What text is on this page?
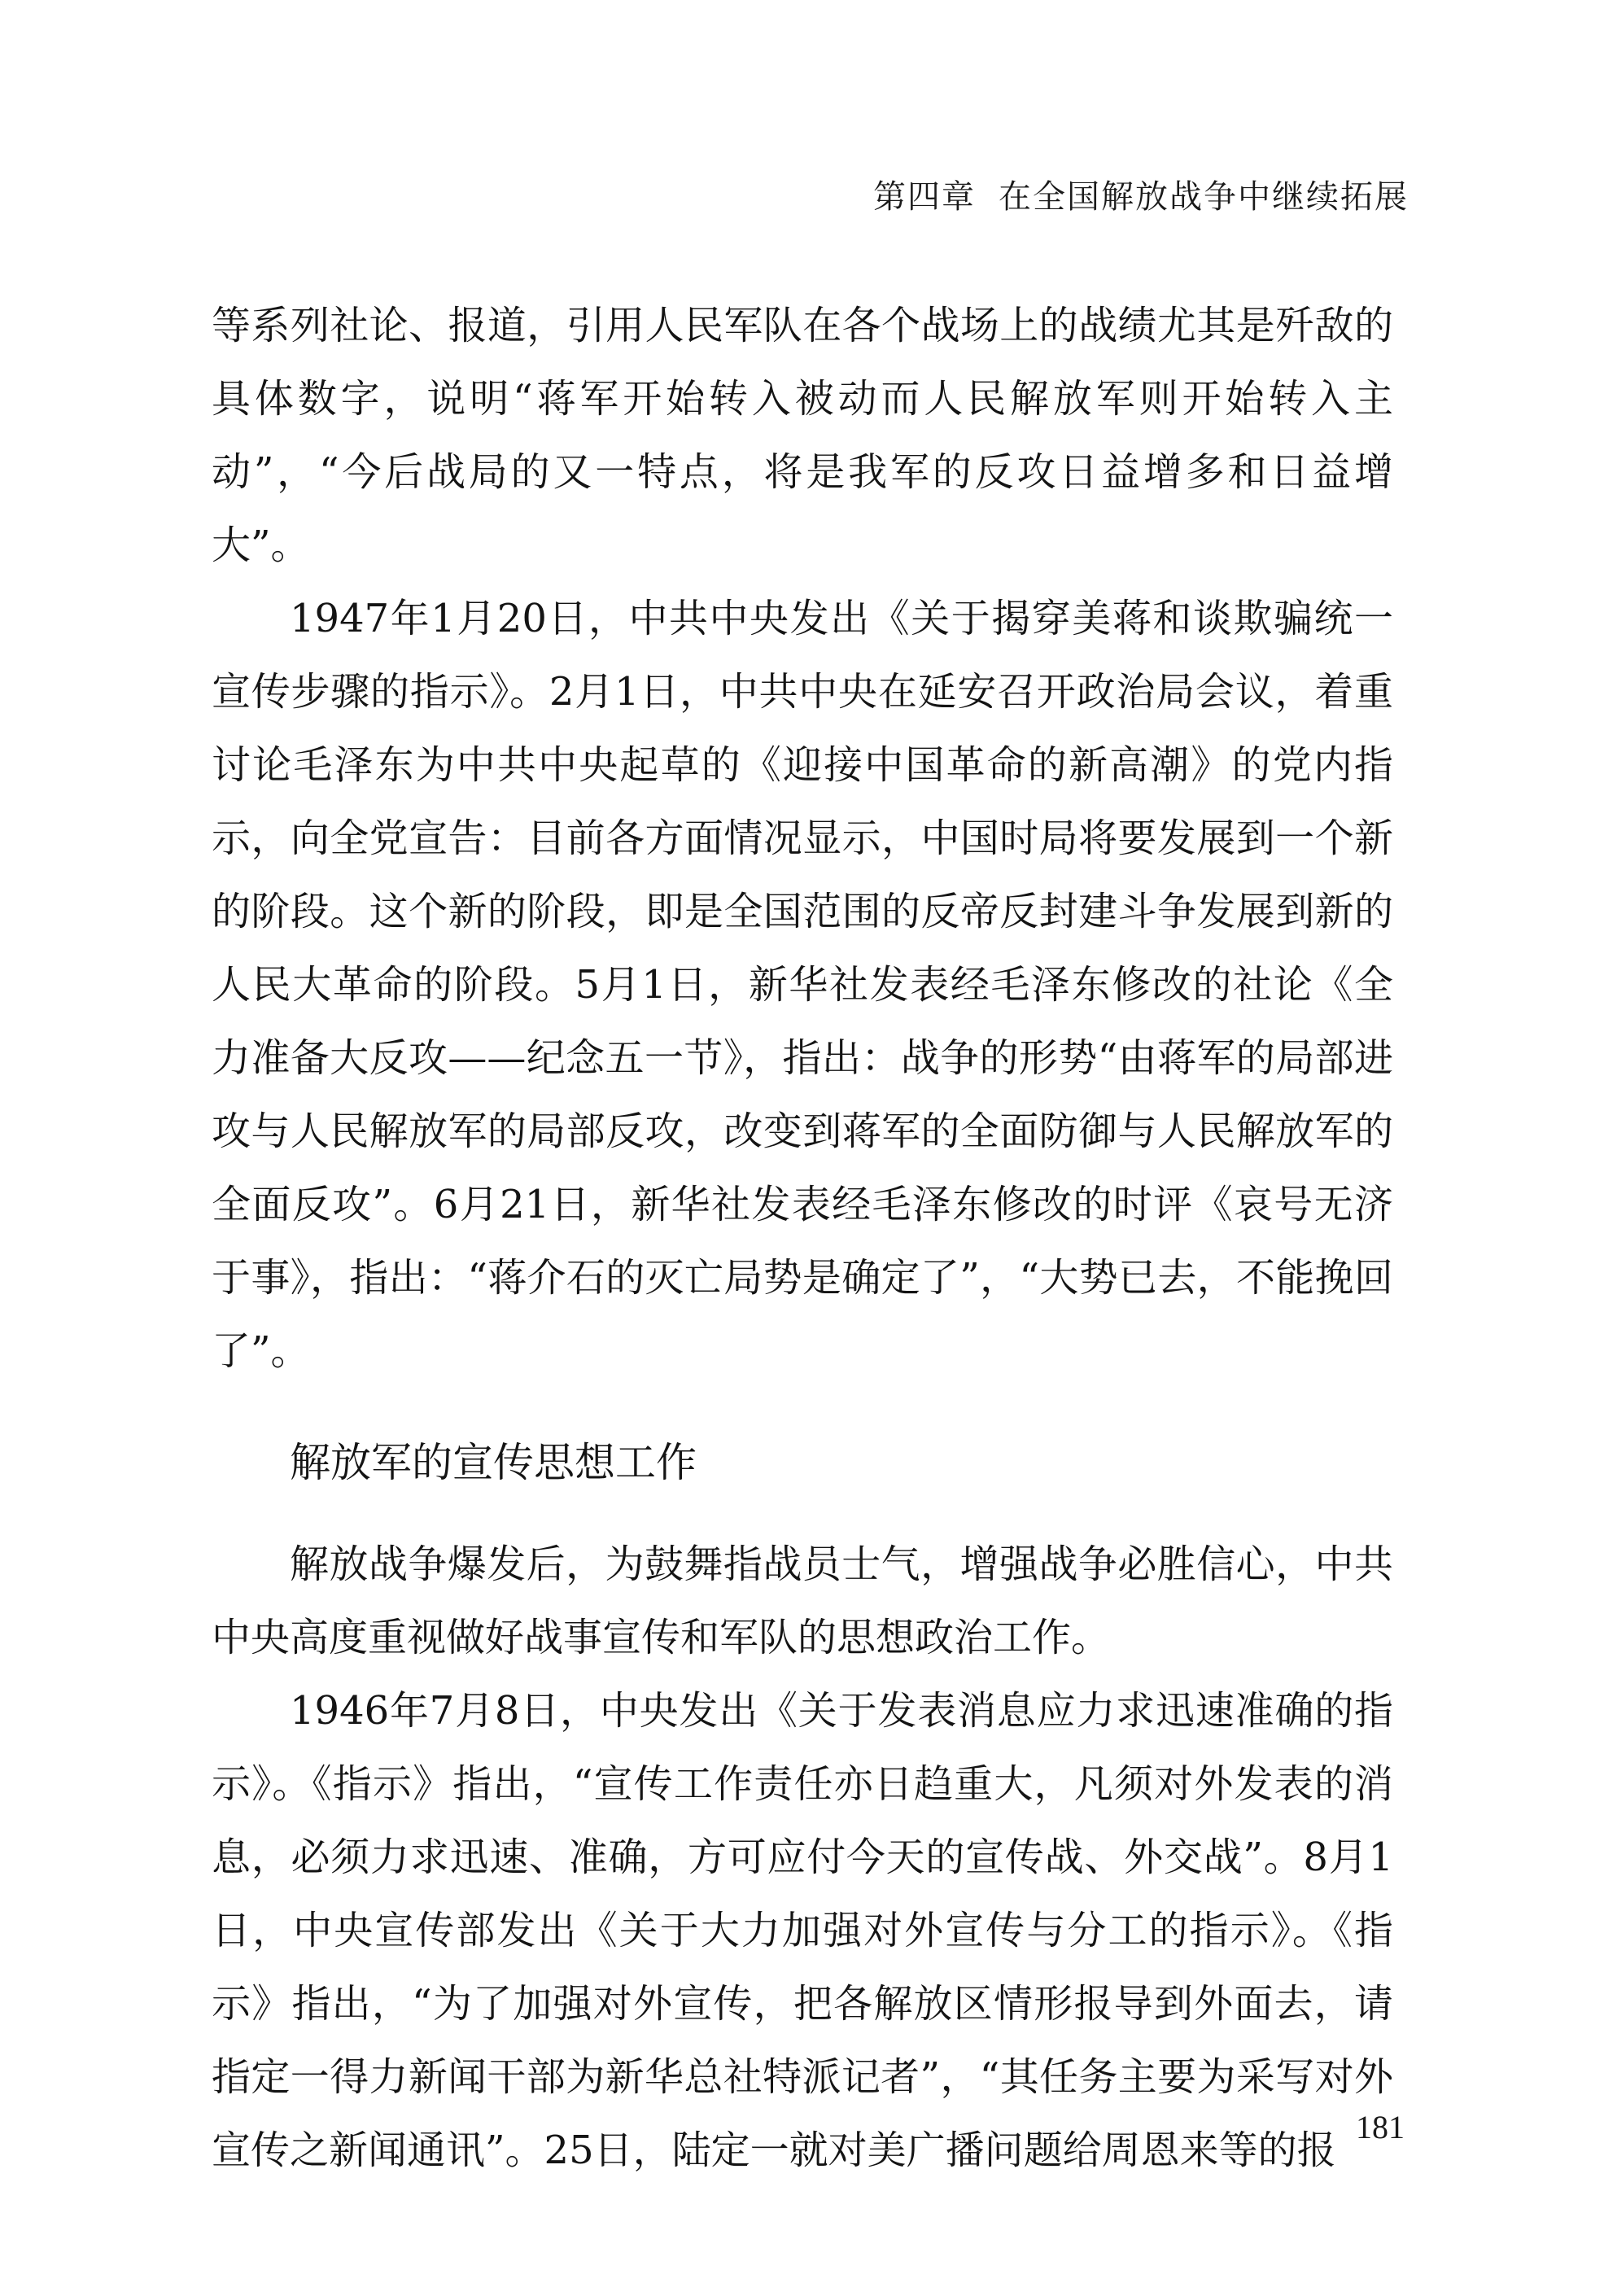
第四章 在全国解放战争中继续拓展

等系列社论、报道，引用人民军队在各个战场上的战绩尤其是歼敌的具体数字，说明“蒋军开始转入被动而人民解放军则开始转入主动”，“今后战局的又一特点，将是我军的反攻日益增多和日益增大”。

1947年1月20日，中共中央发出《关于揭穿美蒋和谈欺骗统一宣传步骤的指示》。2月1日，中共中央在延安召开政治局会议，着重讨论毛泽东为中共中央起草的《迎接中国革命的新高潮》的党内指示，向全党宣告：目前各方面情况显示，中国时局将要发展到一个新的阶段。这个新的阶段，即是全国范围的反帝反封建斗争发展到新的人民大革命的阶段。5月1日，新华社发表经毛泽东修改的社论《全力准备大反攻——纪念五一节》，指出：战争的形势“由蒋军的局部进攻与人民解放军的局部反攻，改变到蒋军的全面防御与人民解放军的全面反攻”。6月21日，新华社发表经毛泽东修改的时评《哀号无济于事》，指出：“蒋介石的灭亡局势是确定了”，“大势已去，不能挽回了”。

解放军的宣传思想工作

解放战争爆发后，为鼓舞指战员士气，增强战争必胜信心，中共中央高度重视做好战事宣传和军队的思想政治工作。

1946年7月8日，中央发出《关于发表消息应力求迅速准确的指示》。《指示》指出，“宣传工作责任亦日趋重大，凡须对外发表的消息，必须力求迅速、准确，方可应付今天的宣传战、外交战”。8月1日，中央宣传部发出《关于大力加强对外宣传与分工的指示》。《指示》指出，“为了加强对外宣传，把各解放区情形报导到外面去，请指定一得力新闻干部为新华总社特派记者”，“其任务主要为采写对外宣传之新闻通讯”。25日，陆定一就对美广播问题给周恩来等的报

181
